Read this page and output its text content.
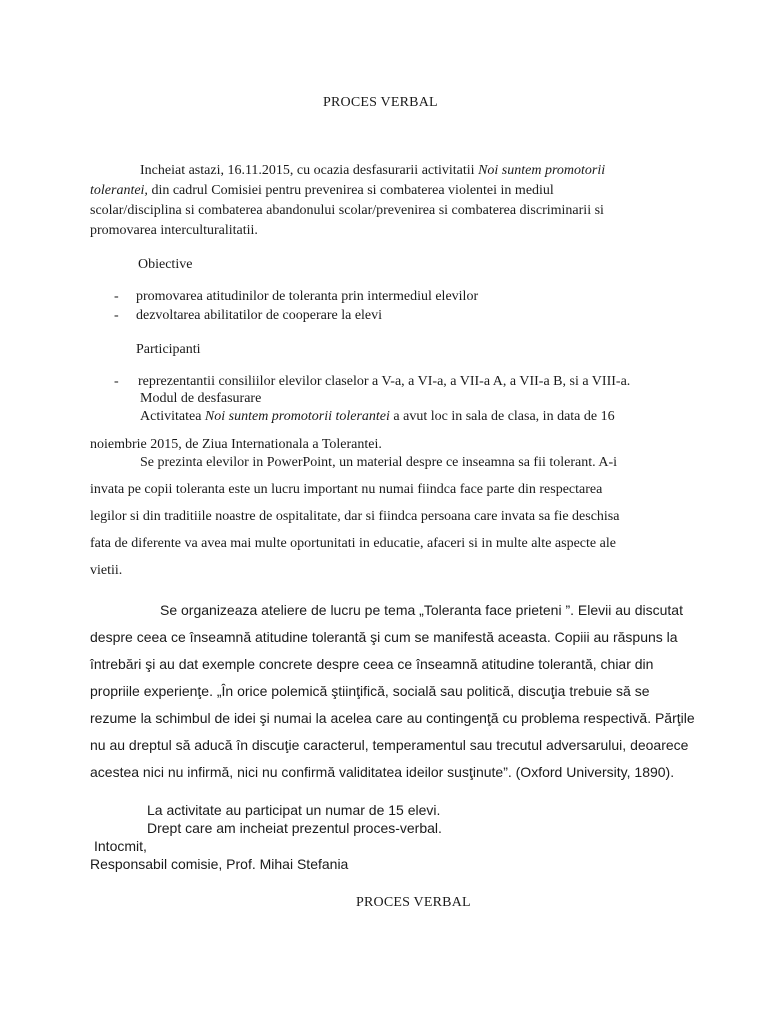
PROCES VERBAL

Incheiat astazi, 16.11.2015, cu ocazia desfasurarii activitatii Noi suntem promotorii

tolerantei, din cadrul Comisiei pentru prevenirea si combaterea violentei in mediul

scolar/disciplina si combaterea abandonului scolar/prevenirea si combaterea discriminarii si

promovarea interculturalitatii.

Obiective

- promovarea atitudinilor de toleranta prin intermediul elevilor

- dezvoltarea abilitatilor de cooperare la elevi

Participanti

- reprezentantii consiliilor elevilor claselor a V-a, a VI-a, a VII-a A, a VII-a B, si a VIII-a.

Modul de desfasurare

Activitatea Noi suntem promotorii tolerantei a avut loc in sala de clasa, in data de 16

noiembrie 2015, de Ziua Internationala a Tolerantei.

Se prezinta elevilor in PowerPoint, un material despre ce inseamna sa fii tolerant. A-i

invata pe copii toleranta este un lucru important nu numai fiindca face parte din respectarea

legilor si din traditiile noastre de ospitalitate, dar si fiindca persoana care invata sa fie deschisa

fata de diferente va avea mai multe oportunitati in educatie, afaceri si in multe alte aspecte ale

vietii.

Se organizeaza ateliere de lucru pe tema „Toleranta face prieteni ”. Elevii au discutat

despre ceea ce înseamnă atitudine tolerantă şi cum se manifestă aceasta. Copiii au răspuns la

întrebări şi au dat exemple concrete despre ceea ce înseamnă atitudine tolerantă, chiar din

propriile experienţe. „În orice polemică ştiinţifică, socială sau politică, discuţia trebuie să se

rezume la schimbul de idei şi numai la acelea care au contingenţă cu problema respectivă. Părţile

nu au dreptul să aducă în discuţie caracterul, temperamentul sau trecutul adversarului, deoarece

acestea nici nu infirmă, nici nu confirmă validitatea ideilor susţinute”. (Oxford University, 1890).

La activitate au participat un numar de 15 elevi.

Drept care am incheiat prezentul proces-verbal.

Intocmit,

Responsabil comisie, Prof. Mihai Stefania

PROCES VERBAL
